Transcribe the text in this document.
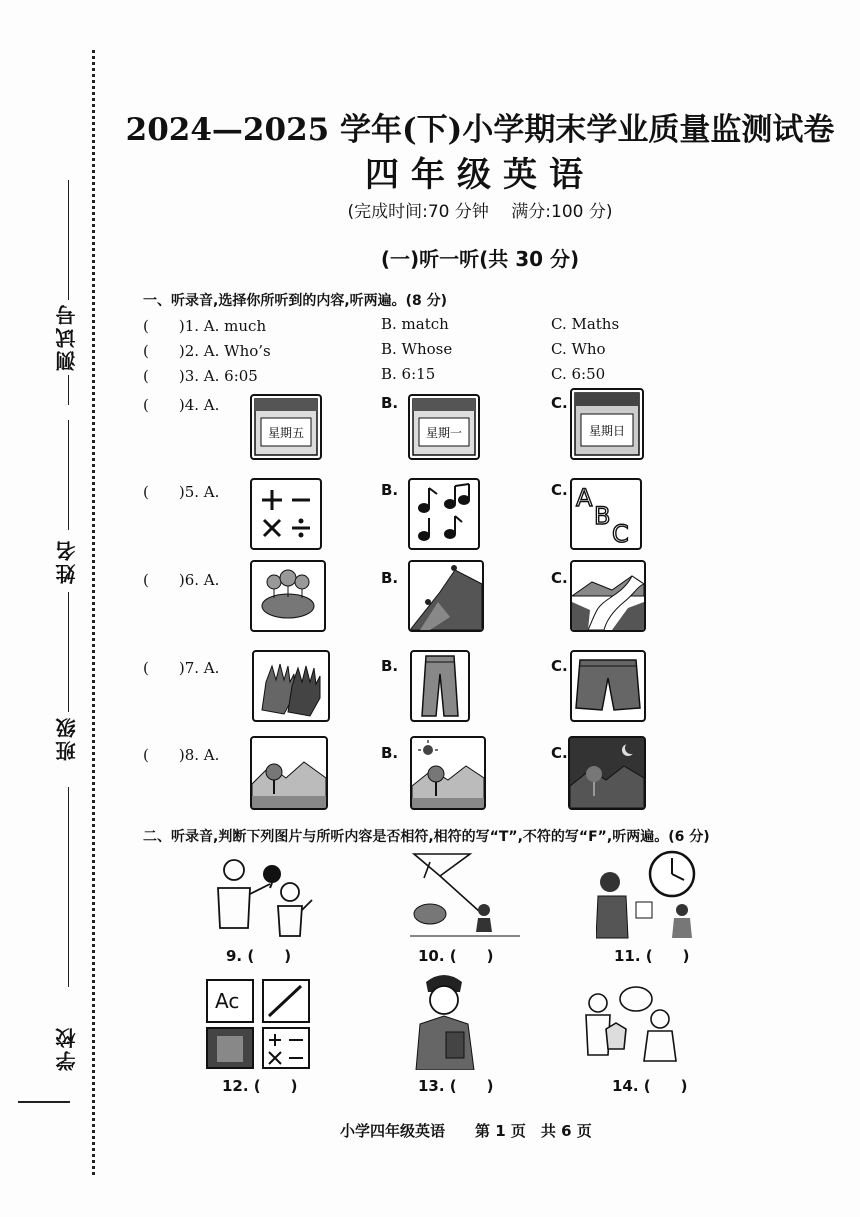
测试号
姓名
班级
学校
2024—2025 学年(下)小学期末学业质量监测试卷
四年级英语
(完成时间:70 分钟　 满分:100 分)
(一)听一听(共 30 分)
一、听录音,选择你所听到的内容,听两遍。(8 分)
(　　)1. A. much	B. match	C. Maths
(　　)2. A. Who’s	B. Whose	C. Who
(　　)3. A. 6:05	B. 6:15	C. 6:50
(　　)4. A.	B.	C.
星期五	星期一	星期日
(　　)5. A.	B.	C. A
B
C
(　　)6. A.	B.	C.
(　　)7. A.	B.	C.
(　　)8. A.	B.	C.
二、听录音,判断下列图片与所听内容是否相符,相符的写“T”,不符的写“F”,听两遍。(6 分)
9. (　　)	10. (　　)	11. (　　)
Ac
12. (　　)	13. (　　)	14. (　　)
小学四年级英语　　第 1 页　共 6 页
